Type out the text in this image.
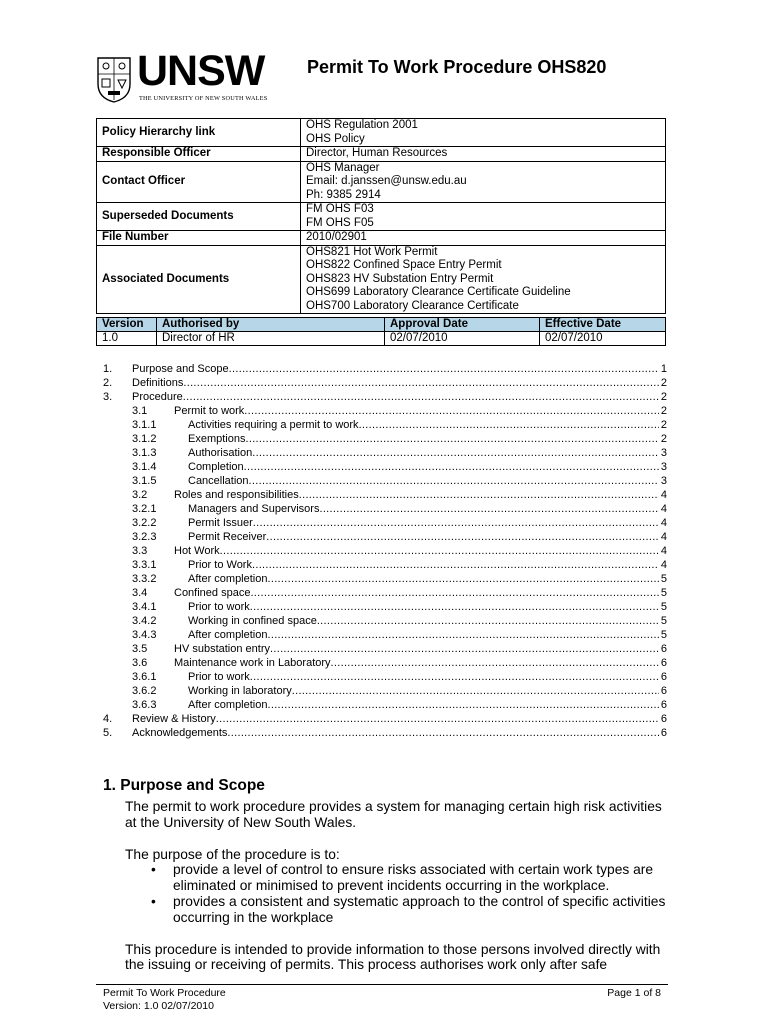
UNSW
THE UNIVERSITY OF NEW SOUTH WALES
Permit To Work Procedure OHS820
Policy Hierarchy link	OHS Regulation 2001
OHS Policy

Responsible Officer	Director, Human Resources

Contact Officer	OHS Manager
Email: d.janssen@unsw.edu.au
Ph: 9385 2914

Superseded Documents	FM OHS F03
FM OHS F05

File Number	2010/02901

Associated Documents	OHS821 Hot Work Permit
OHS822 Confined Space Entry Permit
OHS823 HV Substation Entry Permit
OHS699 Laboratory Clearance Certificate Guideline
OHS700 Laboratory Clearance Certificate
Version	Authorised by	Approval Date	Effective Date
1.0	Director of HR	02/07/2010	02/07/2010
1.	Purpose and Scope .....	1
2.	Definitions .....	2
3.	Procedure .....	2
3.1	Permit to work .....	2
3.1.1	Activities requiring a permit to work .....	2
3.1.2	Exemptions .....	2
3.1.3	Authorisation .....	3
3.1.4	Completion .....	3
3.1.5	Cancellation .....	3
3.2	Roles and responsibilities .....	4
3.2.1	Managers and Supervisors .....	4
3.2.2	Permit Issuer .....	4
3.2.3	Permit Receiver .....	4
3.3	Hot Work .....	4
3.3.1	Prior to Work .....	4
3.3.2	After completion .....	5
3.4	Confined space .....	5
3.4.1	Prior to work .....	5
3.4.2	Working in confined space .....	5
3.4.3	After completion .....	5
3.5	HV substation entry .....	6
3.6	Maintenance work in Laboratory .....	6
3.6.1	Prior to work .....	6
3.6.2	Working in laboratory .....	6
3.6.3	After completion .....	6
4.	Review & History .....	6
5.	Acknowledgements .....	6
1. Purpose and Scope

The permit to work procedure provides a system for managing certain high risk activities at the University of New South Wales.

The purpose of the procedure is to:

• provide a level of control to ensure risks associated with certain work types are eliminated or minimised to prevent incidents occurring in the workplace.
• provides a consistent and systematic approach to the control of specific activities occurring in the workplace

This procedure is intended to provide information to those persons involved directly with the issuing or receiving of permits. This process authorises work only after safe

Permit To Work Procedure
Version: 1.0 02/07/2010
Page 1 of 8
